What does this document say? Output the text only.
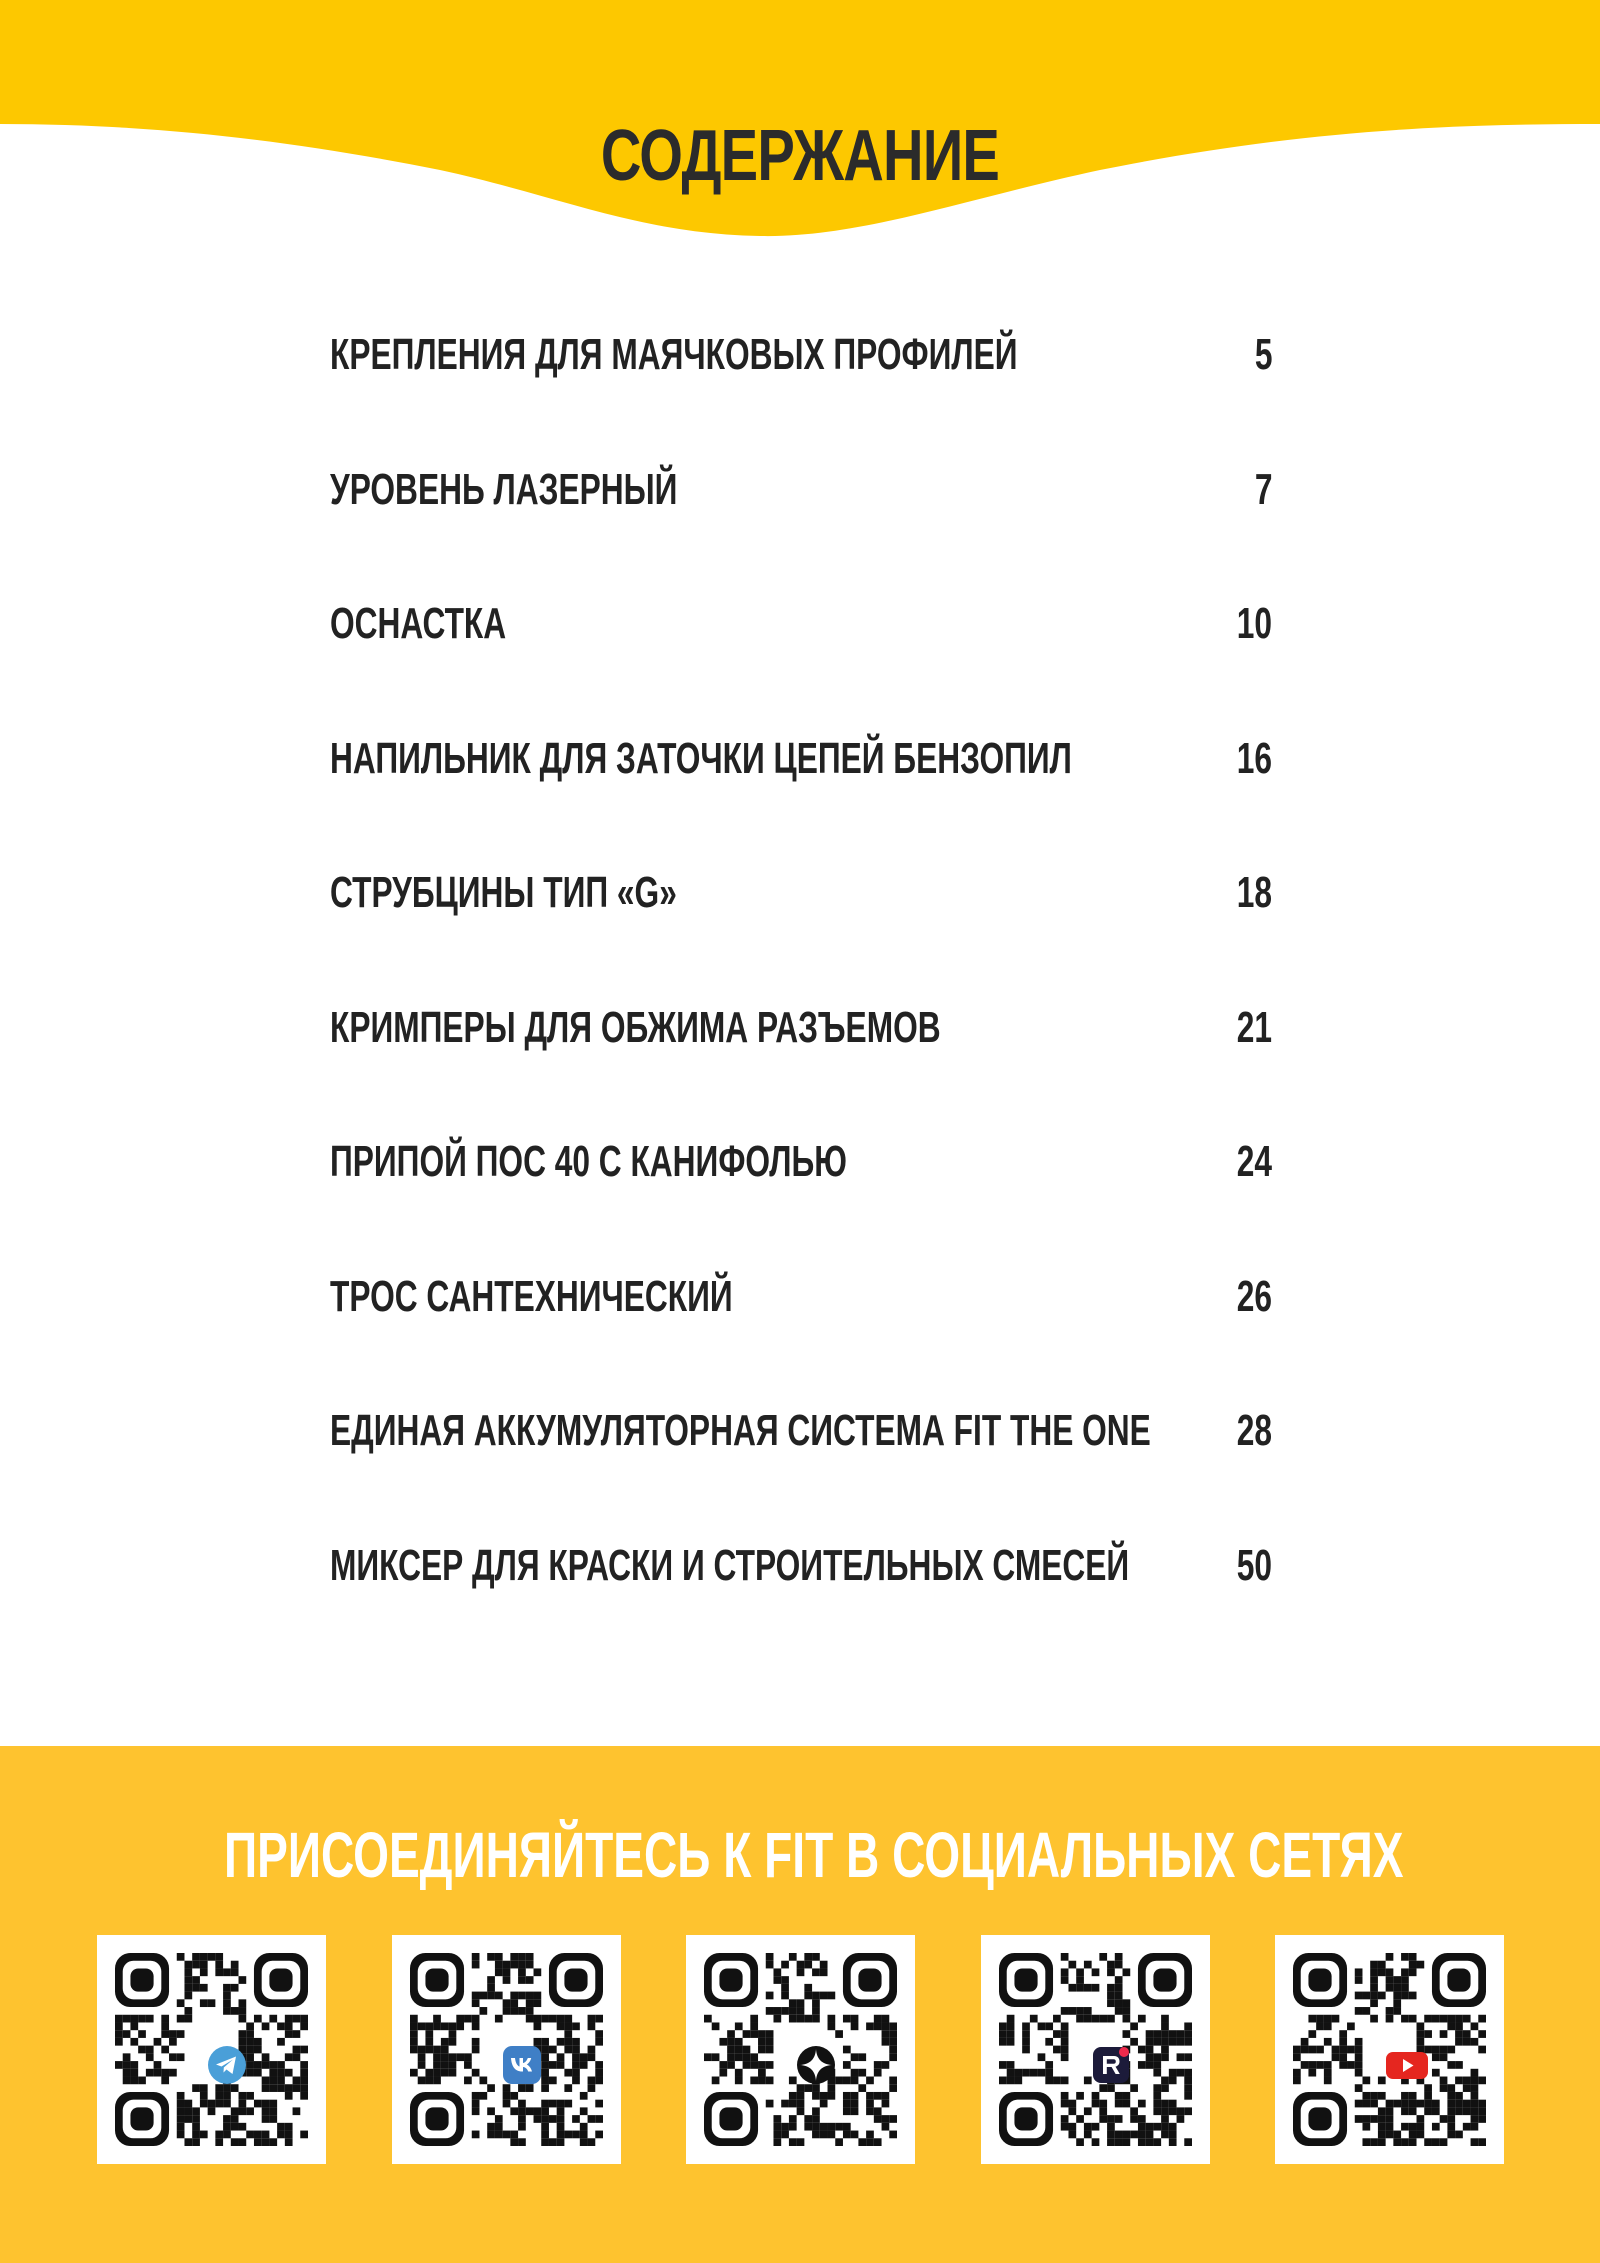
СОДЕРЖАНИЕ
КРЕПЛЕНИЯ ДЛЯ МАЯЧКОВЫХ ПРОФИЛЕЙ	5
УРОВЕНЬ ЛАЗЕРНЫЙ	7
ОСНАСТКА	10
НАПИЛЬНИК ДЛЯ ЗАТОЧКИ ЦЕПЕЙ БЕНЗОПИЛ	16
СТРУБЦИНЫ ТИП «G»	18
КРИМПЕРЫ ДЛЯ ОБЖИМА РАЗЪЕМОВ	21
ПРИПОЙ ПОС 40 С КАНИФОЛЬЮ	24
ТРОС САНТЕХНИЧЕСКИЙ	26
ЕДИНАЯ АККУМУЛЯТОРНАЯ СИСТЕМА FIT THE ONE 28
МИКСЕР ДЛЯ КРАСКИ И СТРОИТЕЛЬНЫХ СМЕСЕЙ 50
ПРИСОЕДИНЯЙТЕСЬ К FIT В СОЦИАЛЬНЫХ СЕТЯХ
